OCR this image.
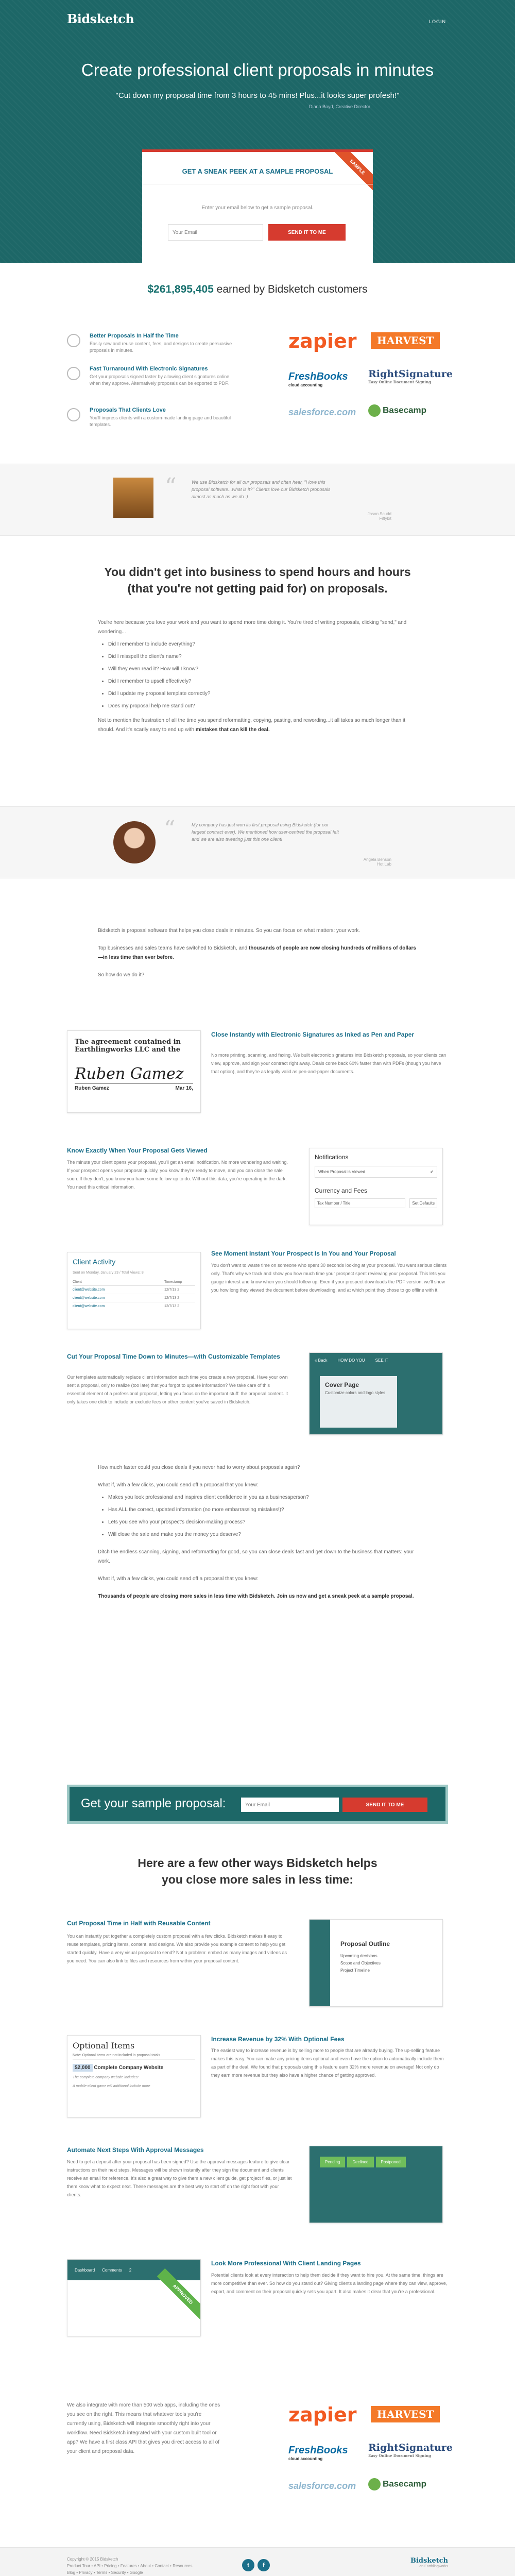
Bidsketch	LOGIN
Create professional client proposals in minutes
"Cut down my proposal time from 3 hours to 45 mins! Plus...it looks super profesh!"
Diana Boyd, Creative Director
SAMPLE
GET A SNEAK PEEK AT A SAMPLE PROPOSAL
Enter your email below to get a sample proposal.
Your Email
SEND IT TO ME
$261,895,405 earned by Bidsketch customers
Better Proposals In Half the Time

Easily sew and reuse content, fees, and designs to create persuasive proposals in minutes.

Fast Turnaround With Electronic Signatures

Get your proposals signed faster by allowing client signatures online when they approve. Alternatively proposals can be exported to PDF.

Proposals That Clients Love

You'll impress clients with a custom-made landing page and beautiful templates.

zapier	HARVEST
FreshBooks
cloud accounting
RightSignature
Easy Online Document Signing
salesforce.com	Basecamp
“	We use Bidsketch for all our proposals and often hear, "I love this proposal software...what is it?" Clients love our Bidsketch proposals almost as much as we do :)
Jason Scudd
Fiftybit
You didn't get into business to spend hours and hours (that you're not getting paid for) on proposals.

You're here because you love your work and you want to spend more time doing it. You're tired of writing proposals, clicking "send," and wondering...

• Did I remember to include everything?
• Did I misspell the client's name?
• Will they even read it? How will I know?
• Did I remember to upsell effectively?
• Did I update my proposal template correctly?
• Does my proposal help me stand out?

Not to mention the frustration of all the time you spend reformatting, copying, pasting, and rewording...it all takes so much longer than it should. And it's scarily easy to end up with mistakes that can kill the deal.

“	My company has just won its first proposal using Bidsketch (for our largest contract ever). We mentioned how user-centred the proposal felt and we are also tweeting just this one client!
Angela Benson
Hot Lab

Bidsketch is proposal software that helps you close deals in minutes. So you can focus on what matters: your work.

Top businesses and sales teams have switched to Bidsketch, and thousands of people are now closing hundreds of millions of dollars—in less time than ever before.

So how do we do it?

The agreement contained in Earthlingworks LLC and the
Ruben Gamez
Ruben Gamez	Mar 16,
Close Instantly with Electronic Signatures as Inked as Pen and Paper
No more printing, scanning, and faxing. We built electronic signatures into Bidsketch proposals, so your clients can view, approve, and sign your contract right away. Deals come back 60% faster than with PDFs (though you have that option), and they're as legally valid as pen-and-paper documents.
Know Exactly When Your Proposal Gets Viewed
The minute your client opens your proposal, you'll get an email notification. No more wondering and waiting. If your prospect opens your proposal quickly, you know they're ready to move, and you can close the sale soon. If they don't, you know you have some follow-up to do. Without this data, you're operating in the dark. You need this critical information.
Notifications
When Proposal is Viewed	✔
Currency and Fees
Tax Number / Title	Set Defaults
Client Activity
Sent on Monday, January 23 / Total Views: 8
Client	Timestamp
client@website.com	12/7/13 2
client@website.com	12/7/13 2
client@website.com	12/7/13 2
See Moment Instant Your Prospect Is In You and Your Proposal
You don't want to waste time on someone who spent 30 seconds looking at your proposal. You want serious clients only. That's why we track and show you how much time your prospect spent reviewing your proposal. This lets you gauge interest and know when you should follow up. Even if your prospect downloads the PDF version, we'll show you how long they viewed the document before downloading, and at which point they chose to go offline with it.
Cut Your Proposal Time Down to Minutes—with Customizable Templates
Our templates automatically replace client information each time you create a new proposal. Have your own sent a proposal, only to realize (too late) that you forgot to update information? We take care of this essential element of a professional proposal, letting you focus on the important stuff: the proposal content. It only takes one click to include or exclude fees or other content you've saved in Bidsketch.
« Back	HOW DO YOU	SEE IT
Cover Page
Customize colors and logo styles

How much faster could you close deals if you never had to worry about proposals again?

What if, with a few clicks, you could send off a proposal that you knew:

• Makes you look professional and inspires client confidence in you as a businessperson?
• Has ALL the correct, updated information (no more embarrassing mistakes!)?
• Lets you see who your prospect's decision-making process?
• Will close the sale and make you the money you deserve?

Ditch the endless scanning, signing, and reformatting for good, so you can close deals fast and get down to the business that matters: your work.

What if, with a few clicks, you could send off a proposal that you knew:

Thousands of people are closing more sales in less time with Bidsketch. Join us now and get a sneak peek at a sample proposal.

Get your sample proposal:
Your Email	SEND IT TO ME
Here are a few other ways Bidsketch helps you close more sales in less time:
Cut Proposal Time in Half with Reusable Content
You can instantly put together a completely custom proposal with a few clicks. Bidsketch makes it easy to reuse templates, pricing items, content, and designs. We also provide you example content to help you get started quickly. Have a very visual proposal to send? Not a problem: embed as many images and videos as you need. You can also link to files and resources from within your proposal content.
Proposal Outline
Upcoming decisions
Scope and Objectives
Project Timeline
Optional Items
Note: Optional items are not included in proposal totals
$2,000 Complete Company Website
The complete company website includes:
A mobile-client game will additional include more
Increase Revenue by 32% With Optional Fees
The easiest way to increase revenue is by selling more to people that are already buying. The up-selling feature makes this easy. You can make any pricing items optional and even have the option to automatically include them as part of the deal. We found that proposals using this feature earn 32% more revenue on average! Not only do they earn more revenue but they also have a higher chance of getting approved.
Automate Next Steps With Approval Messages
Need to get a deposit after your proposal has been signed? Use the approval messages feature to give clear instructions on their next steps. Messages will be shown instantly after they sign the document and clients receive an email for reference. It's also a great way to give them a new client guide, get project files, or just let them know what to expect next. These messages are the best way to start off on the right foot with your clients.
Pending	Declined	Postponed
Dashboard Comments 2
APPROVED
Look More Professional With Client Landing Pages
Potential clients look at every interaction to help them decide if they want to hire you. At the same time, things are more competitive than ever. So how do you stand out? Giving clients a landing page where they can view, approve, export, and comment on their proposal quickly sets you apart. It also makes it clear that you're a professional.
We also integrate with more than 500 web apps, including the ones you see on the right. This means that whatever tools you're currently using, Bidsketch will integrate smoothly right into your workflow. Need Bidsketch integrated with your custom built tool or app? We have a first class API that gives you direct access to all of your client and proposal data.
zapier	HARVEST
FreshBooks
cloud accounting
RightSignature
Easy Online Document Signing
salesforce.com	Basecamp
Copyright © 2015 Bidsketch
Product Tour • API • Pricing • Features • About • Contact • Resources
Blog • Privacy • Terms • Security • Google
t	f
Bidsketch
an Earthlingworks
